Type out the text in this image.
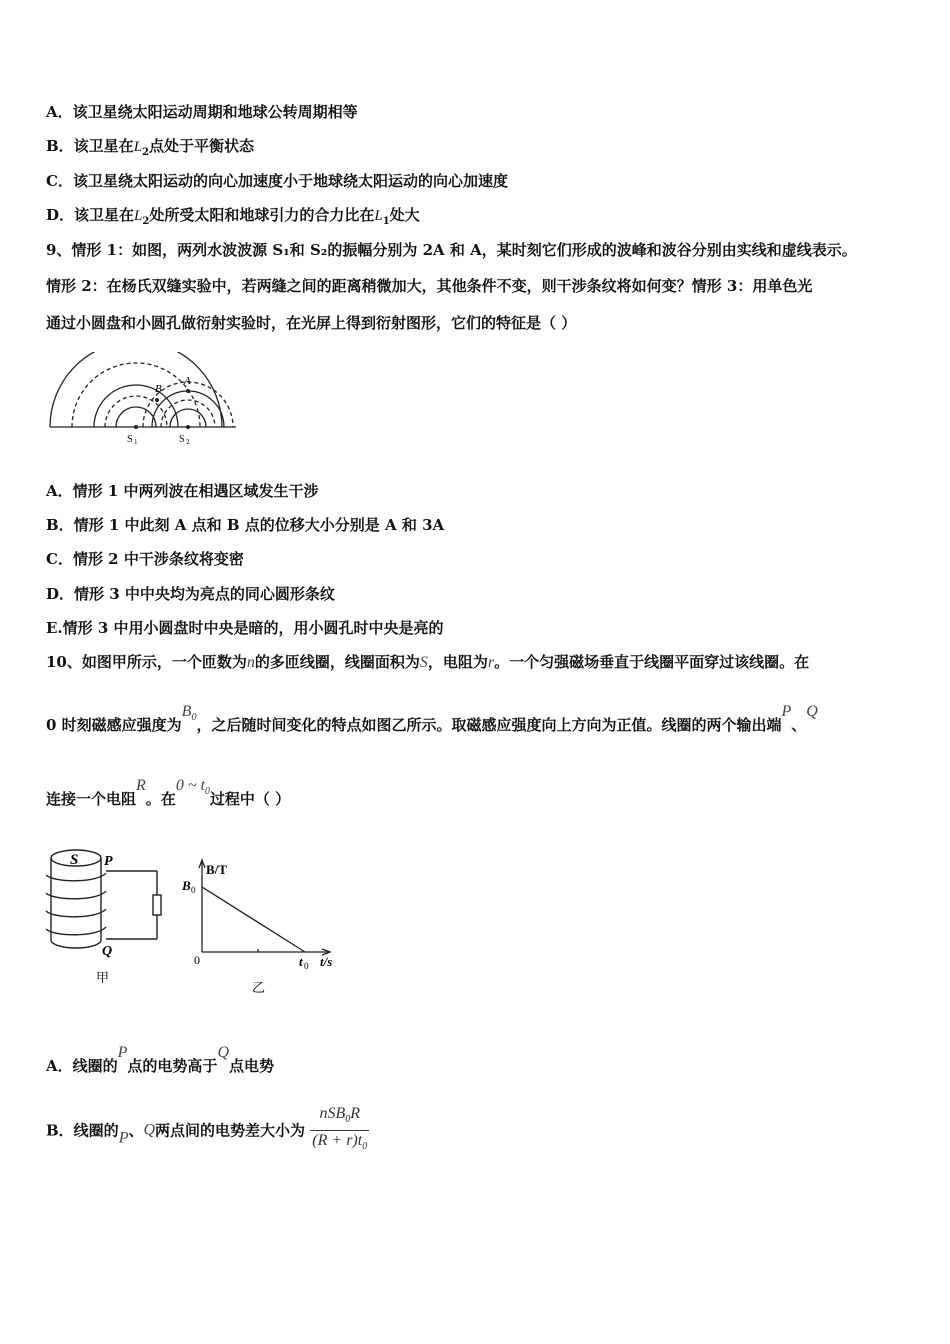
A．该卫星绕太阳运动周期和地球公转周期相等
B．该卫星在$L_2$点处于平衡状态
C．该卫星绕太阳运动的向心加速度小于地球绕太阳运动的向心加速度
D．该卫星在$L_2$处所受太阳和地球引力的合力比在$L_1$处大
9、情形 1：如图，两列水波波源 S₁和 S₂的振幅分别为 2A 和 A，某时刻它们形成的波峰和波谷分别由实线和虚线表示。
情形 2：在杨氏双缝实验中，若两缝之间的距离稍微加大，其他条件不变，则干涉条纹将如何变？情形 3：用单色光
通过小圆盘和小圆孔做衍射实验时，在光屏上得到衍射图形，它们的特征是（ ）
A
B
S 1	S 2
A．情形 1 中两列波在相遇区域发生干涉
B．情形 1 中此刻 A 点和 B 点的位移大小分别是 A 和 3A
C．情形 2 中干涉条纹将变密
D．情形 3 中中央均为亮点的同心圆形条纹
E.情形 3 中用小圆盘时中央是暗的，用小圆孔时中央是亮的
10、如图甲所示，一个匝数为n的多匝线圈，线圈面积为S，电阻为r。一个匀强磁场垂直于线圈平面穿过该线圈。在
0 时刻磁感应强度为$B_0$，之后随时间变化的特点如图乙所示。取磁感应强度向上方向为正值。线圈的两个输出端P、Q
连接一个电阻R。在0 ~ $t_0$过程中（ ）
S P
Q
甲
B/T
B 0
0	t 0 t/s
乙
A．线圈的P点的电势高于Q点电势
B．线圈的P、Q两点间的电势差大小为 $\frac{nSB_0R}{(R + r)t_0}$
